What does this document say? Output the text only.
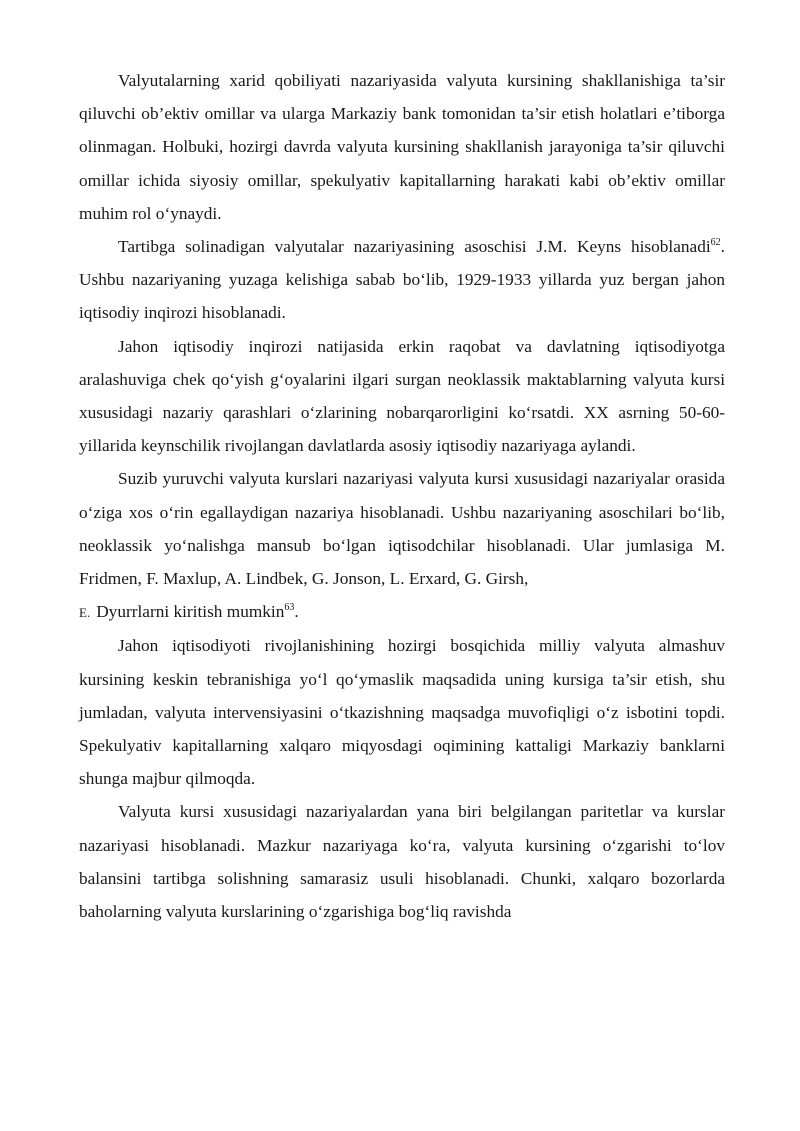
Valyutalarning xarid qobiliyati nazariyasida valyuta kursining shakllanishiga ta’sir qiluvchi ob’ektiv omillar va ularga Markaziy bank tomonidan ta’sir etish holatlari e’tiborga olinmagan. Holbuki, hozirgi davrda valyuta kursining shakllanish jarayoniga ta’sir qiluvchi omillar ichida siyosiy omillar, spekulyativ kapitallarning harakati kabi ob’ektiv omillar muhim rol o‘ynaydi.

Tartibga solinadigan valyutalar nazariyasining asoschisi J.M. Keyns hisoblanadi$^{62}$. Ushbu nazariyaning yuzaga kelishiga sabab bo‘lib, 1929-1933 yillarda yuz bergan jahon iqtisodiy inqirozi hisoblanadi.

Jahon iqtisodiy inqirozi natijasida erkin raqobat va davlatning iqtisodiyotga aralashuviga chek qo‘yish g‘oyalarini ilgari surgan neoklassik maktablarning valyuta kursi xususidagi nazariy qarashlari o‘zlarining nobarqarorligini ko‘rsatdi. XX asrning 50-60-yillarida keynschilik rivojlangan davlatlarda asosiy iqtisodiy nazariyaga aylandi.

Suzib yuruvchi valyuta kurslari nazariyasi valyuta kursi xususidagi nazariyalar orasida o‘ziga xos o‘rin egallaydigan nazariya hisoblanadi. Ushbu nazariyaning asoschilari bo‘lib, neoklassik yo‘nalishga mansub bo‘lgan iqtisodchilar hisoblanadi. Ular jumlasiga M. Fridmen, F. Maxlup, A. Lindbek, G. Jonson, L. Erxard, G. Girsh,
E. Dyurrlarni kiritish mumkin$^{63}$.

Jahon iqtisodiyoti rivojlanishining hozirgi bosqichida milliy valyuta almashuv kursining keskin tebranishiga yo‘l qo‘ymaslik maqsadida uning kursiga ta’sir etish, shu jumladan, valyuta intervensiyasini o‘tkazishning maqsadga muvofiqligi o‘z isbotini topdi. Spekulyativ kapitallarning xalqaro miqyosdagi oqimining kattaligi Markaziy banklarni shunga majbur qilmoqda.

Valyuta kursi xususidagi nazariyalardan yana biri belgilangan paritetlar va kurslar nazariyasi hisoblanadi. Mazkur nazariyaga ko‘ra, valyuta kursining o‘zgarishi to‘lov balansini tartibga solishning samarasiz usuli hisoblanadi. Chunki, xalqaro bozorlarda baholarning valyuta kurslarining o‘zgarishiga bog‘liq ravishda
